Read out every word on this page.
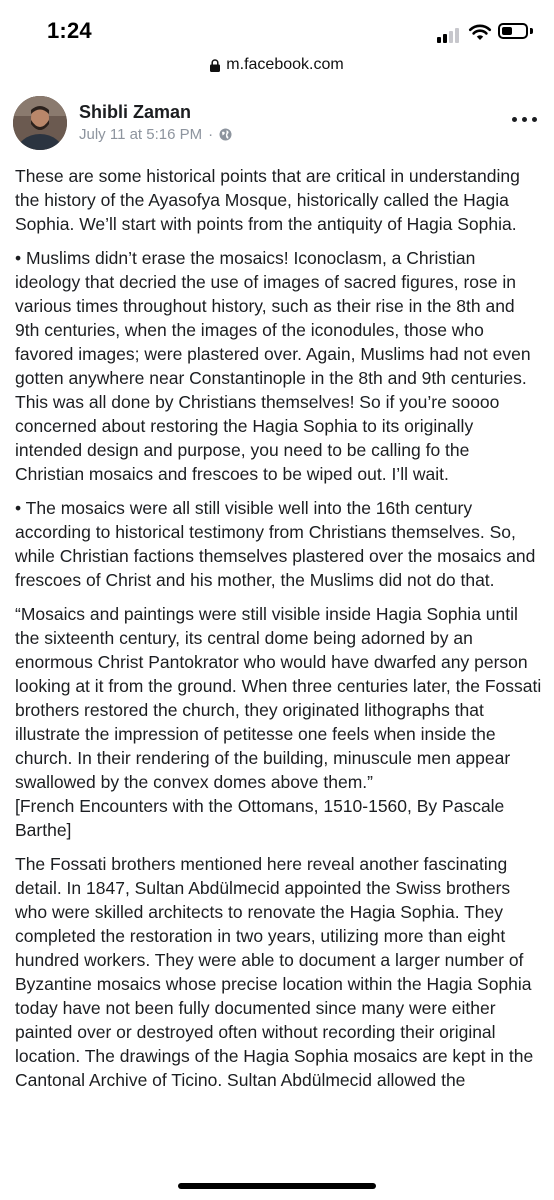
1:24
m.facebook.com
Shibli Zaman
July 11 at 5:16 PM ·

These are some historical points that are critical in understanding the history of the Ayasofya Mosque, historically called the Hagia Sophia. We’ll start with points from the antiquity of Hagia Sophia.

• Muslims didn’t erase the mosaics! Iconoclasm, a Christian ideology that decried the use of images of sacred figures, rose in various times throughout history, such as their rise in the 8th and 9th centuries, when the images of the iconodules, those who favored images; were plastered over. Again, Muslims had not even gotten anywhere near Constantinople in the 8th and 9th centuries. This was all done by Christians themselves! So if you’re soooo concerned about restoring the Hagia Sophia to its originally intended design and purpose, you need to be calling fo the Christian mosaics and frescoes to be wiped out. I’ll wait.

• The mosaics were all still visible well into the 16th century according to historical testimony from Christians themselves. So, while Christian factions themselves plastered over the mosaics and frescoes of Christ and his mother, the Muslims did not do that.

“Mosaics and paintings were still visible inside Hagia Sophia until the sixteenth century, its central dome being adorned by an enormous Christ Pantokrator who would have dwarfed any person looking at it from the ground. When three centuries later, the Fossati brothers restored the church, they originated lithographs that illustrate the impression of petitesse one feels when inside the church. In their rendering of the building, minuscule men appear swallowed by the convex domes above them.”

[French Encounters with the Ottomans, 1510-1560, By Pascale Barthe]

The Fossati brothers mentioned here reveal another fascinating detail. In 1847, Sultan Abdülmecid appointed the Swiss brothers who were skilled architects to renovate the Hagia Sophia. They completed the restoration in two years, utilizing more than eight hundred workers. They were able to document a larger number of Byzantine mosaics whose precise location within the Hagia Sophia today have not been fully documented since many were either painted over or destroyed often without recording their original location. The drawings of the Hagia Sophia mosaics are kept in the Cantonal Archive of Ticino. Sultan Abdülmecid allowed the
